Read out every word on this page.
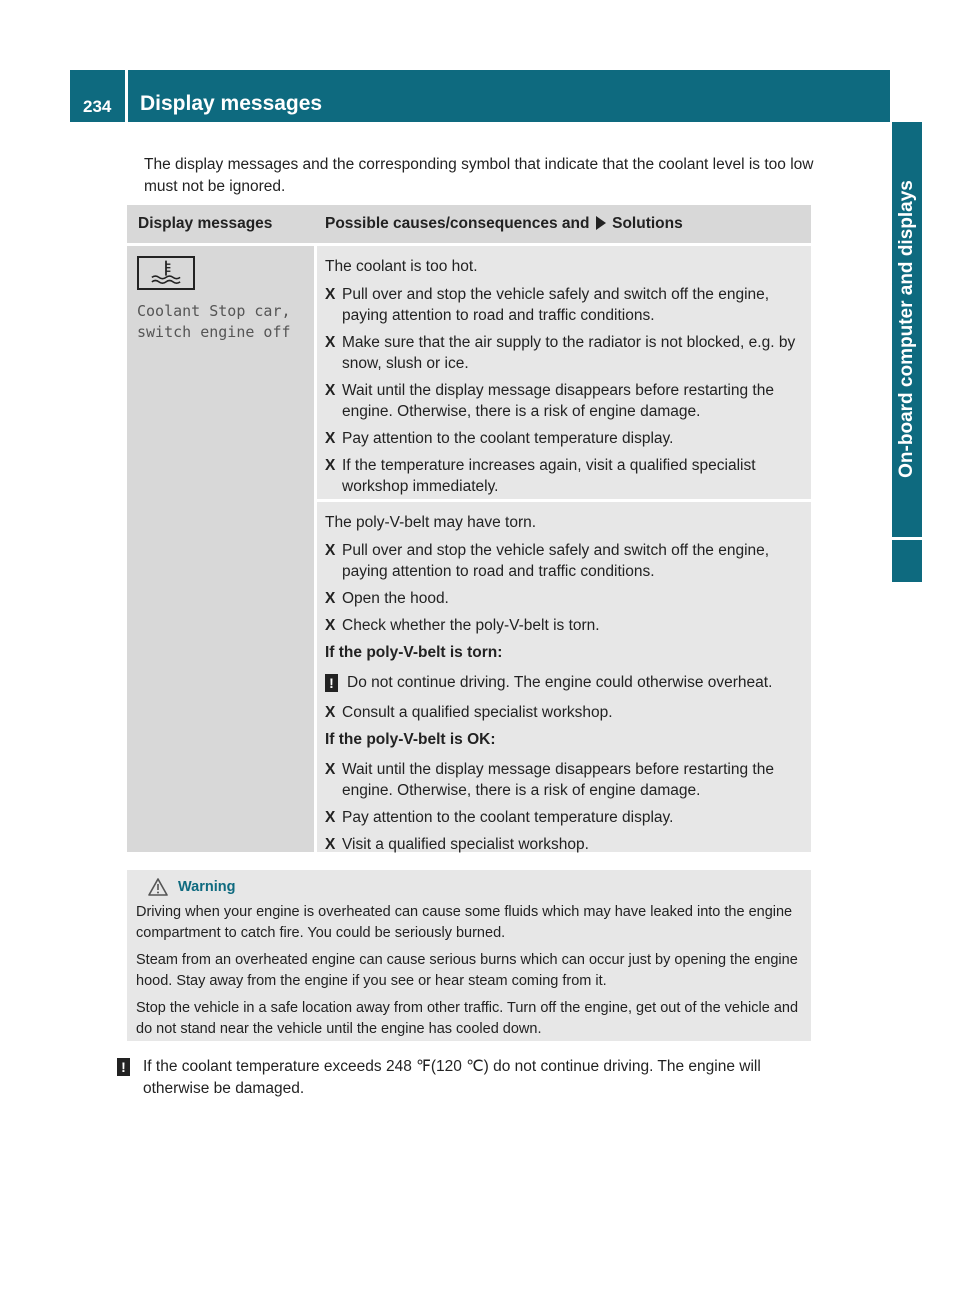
234	Display messages
On-board computer and displays

The display messages and the corresponding symbol that indicate that the coolant level is too low must not be ignored.

Display messages	Possible causes/consequences and Solutions
Coolant Stop car,
switch engine off
The coolant is too hot.
X Pull over and stop the vehicle safely and switch off the engine, paying attention to road and traffic conditions.
X Make sure that the air supply to the radiator is not blocked, e.g. by snow, slush or ice.
X Wait until the display message disappears before restarting the engine. Otherwise, there is a risk of engine damage.
X Pay attention to the coolant temperature display.
X If the temperature increases again, visit a qualified specialist workshop immediately.
The poly-V-belt may have torn.
X Pull over and stop the vehicle safely and switch off the engine, paying attention to road and traffic conditions.
X Open the hood.
X Check whether the poly-V-belt is torn.
If the poly-V-belt is torn:
! Do not continue driving. The engine could otherwise overheat.
X Consult a qualified specialist workshop.
If the poly-V-belt is OK:
X Wait until the display message disappears before restarting the engine. Otherwise, there is a risk of engine damage.
X Pay attention to the coolant temperature display.
X Visit a qualified specialist workshop.
Warning

Driving when your engine is overheated can cause some fluids which may have leaked into the engine compartment to catch fire. You could be seriously burned.

Steam from an overheated engine can cause serious burns which can occur just by opening the engine hood. Stay away from the engine if you see or hear steam coming from it.

Stop the vehicle in a safe location away from other traffic. Turn off the engine, get out of the vehicle and do not stand near the vehicle until the engine has cooled down.

! If the coolant temperature exceeds 248 ℉(120 ℃) do not continue driving. The engine will otherwise be damaged.
